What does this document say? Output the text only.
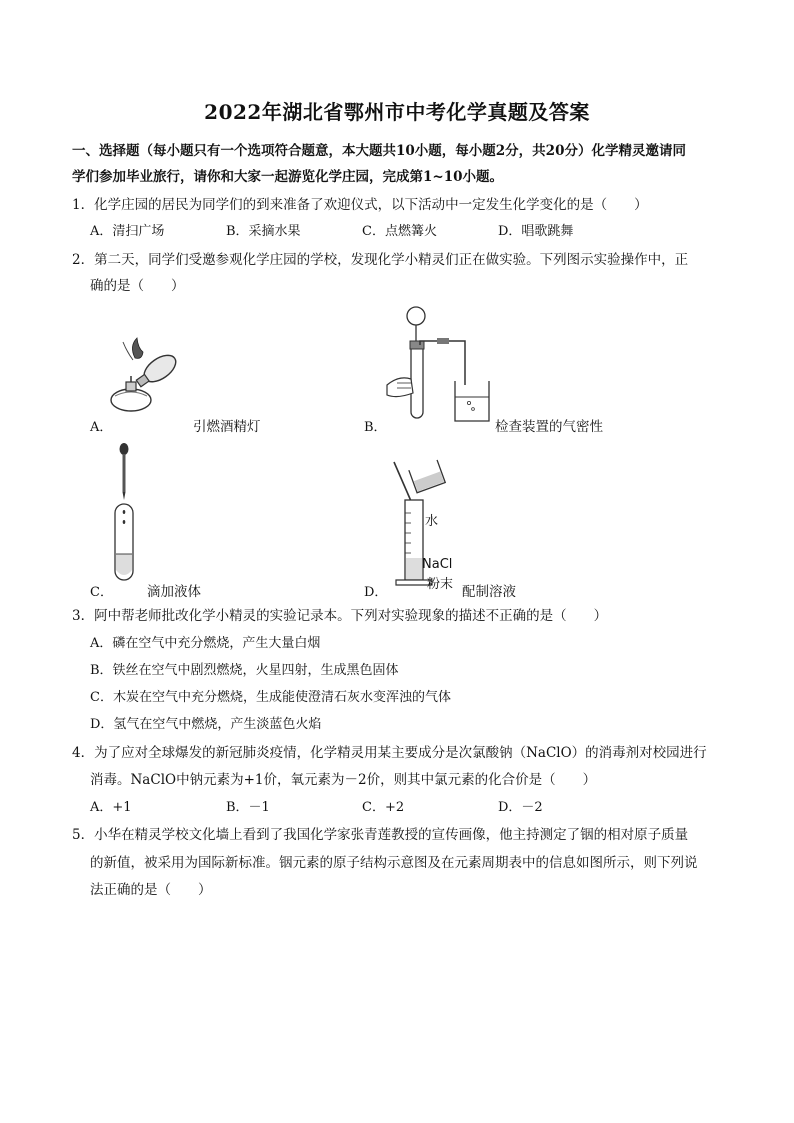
2022年湖北省鄂州市中考化学真题及答案
一、选择题（每小题只有一个选项符合题意，本大题共10小题，每小题2分，共20分）化学精灵邀请同
学们参加毕业旅行，请你和大家一起游览化学庄园，完成第1~10小题。
1．化学庄园的居民为同学们的到来准备了欢迎仪式，以下活动中一定发生化学变化的是（　　）
A．清扫广场	B．采摘水果	C．点燃篝火	D．唱歌跳舞
2．第二天，同学们受邀参观化学庄园的学校，发现化学小精灵们正在做实验。下列图示实验操作中，正
确的是（　　）
A．	引燃酒精灯	B．	检查装置的气密性
C．	滴加液体
水
NaCl
粉末
D．	配制溶液
3．阿中帮老师批改化学小精灵的实验记录本。下列对实验现象的描述不正确的是（　　）
A．磷在空气中充分燃烧，产生大量白烟
B．铁丝在空气中剧烈燃烧，火星四射，生成黑色固体
C．木炭在空气中充分燃烧，生成能使澄清石灰水变浑浊的气体
D．氢气在空气中燃烧，产生淡蓝色火焰
4．为了应对全球爆发的新冠肺炎疫情，化学精灵用某主要成分是次氯酸钠（NaClO）的消毒剂对校园进行
消毒。NaClO中钠元素为+1价，氧元素为－2价，则其中氯元素的化合价是（　　）
A．+1	B．－1	C．+2	D．－2
5．小华在精灵学校文化墙上看到了我国化学家张青莲教授的宣传画像，他主持测定了铟的相对原子质量
的新值，被采用为国际新标准。铟元素的原子结构示意图及在元素周期表中的信息如图所示，则下列说
法正确的是（　　）
